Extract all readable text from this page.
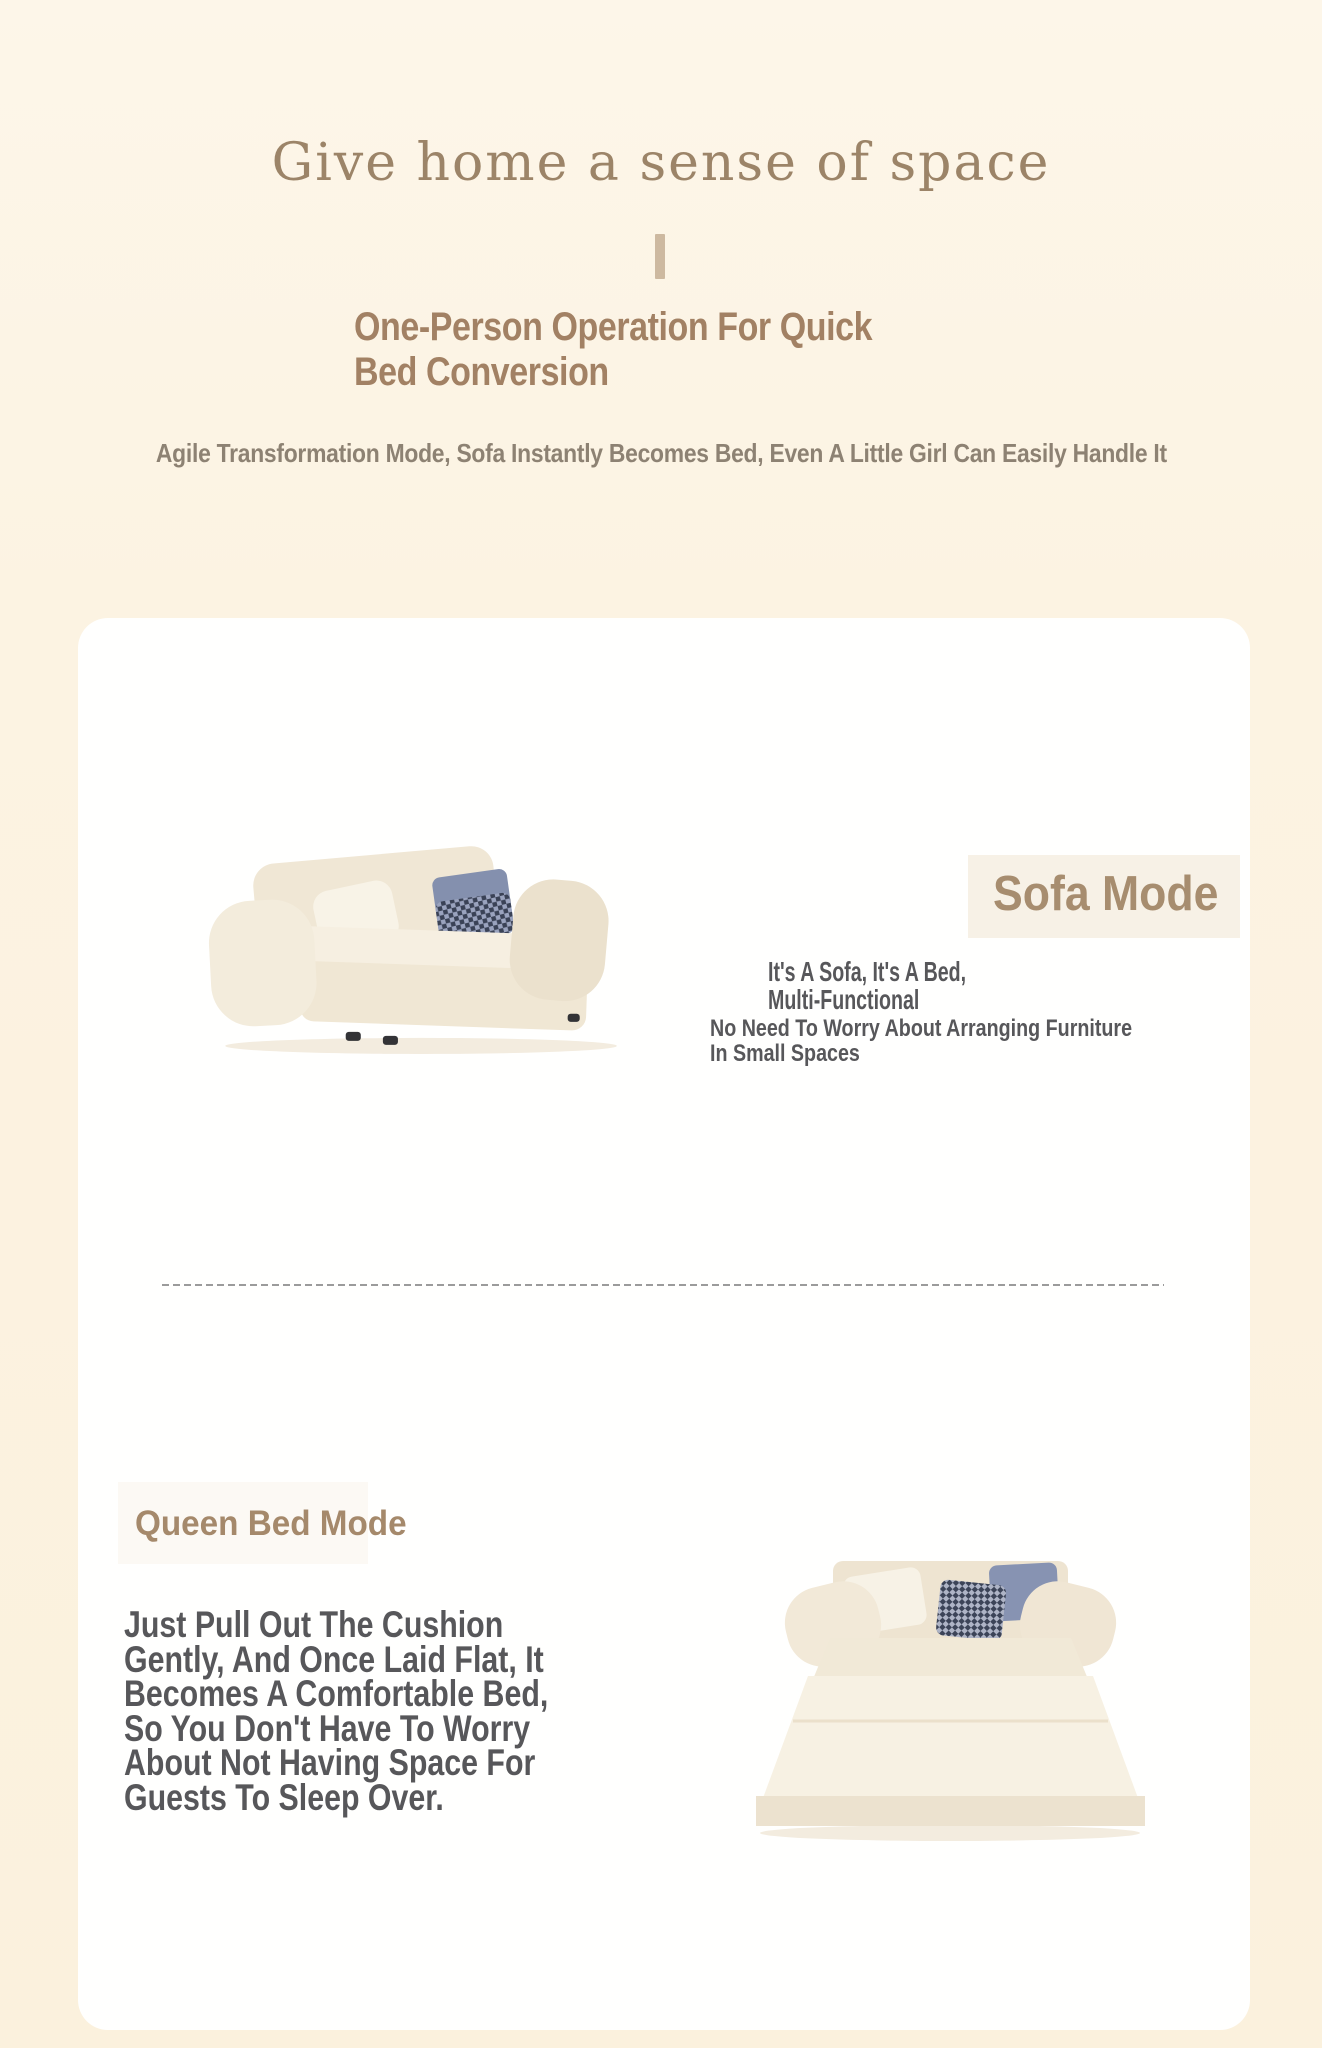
Give home a sense of space
One-Person Operation For Quick
Bed Conversion
Agile Transformation Mode, Sofa Instantly Becomes Bed, Even A Little Girl Can Easily Handle It
Sofa Mode
It's A Sofa, It's A Bed,
Multi-Functional
No Need To Worry About Arranging Furniture
In Small Spaces
Queen Bed Mode
Just Pull Out The Cushion
Gently, And Once Laid Flat, It
Becomes A Comfortable Bed,
So You Don't Have To Worry
About Not Having Space For
Guests To Sleep Over.
